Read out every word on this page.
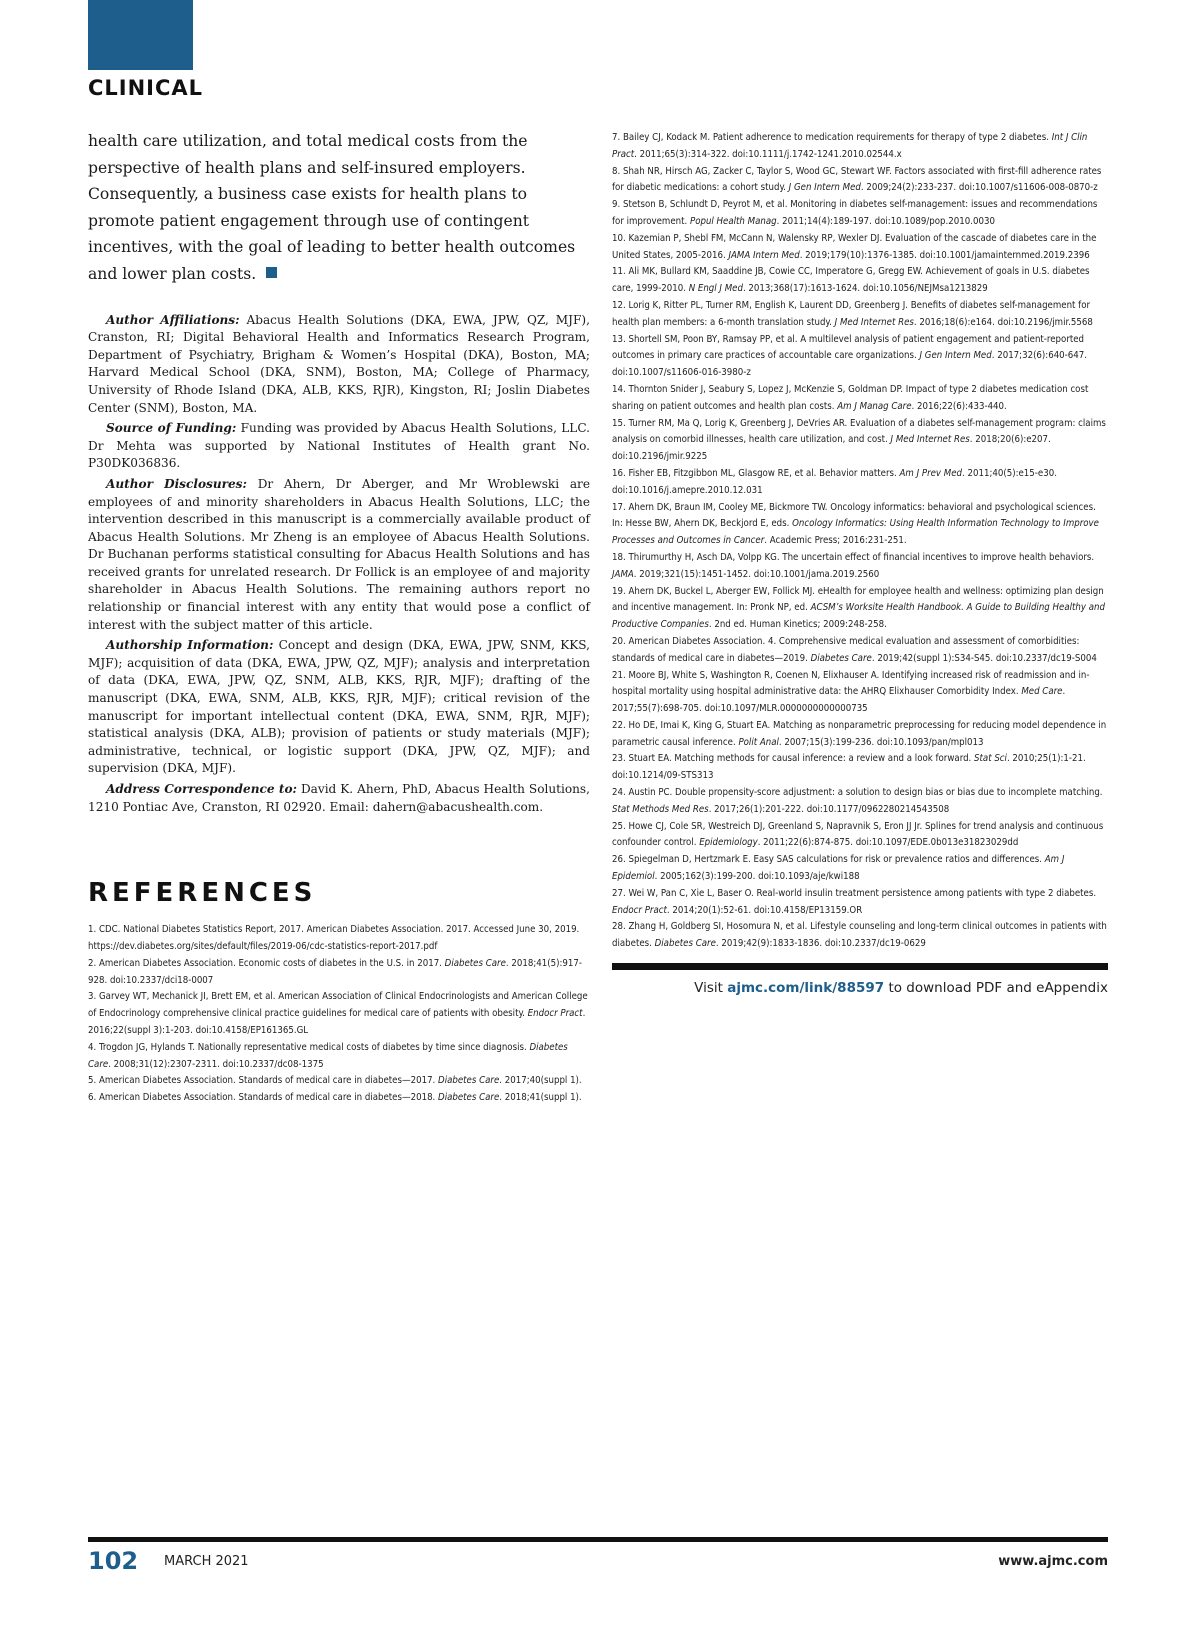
CLINICAL

health care utilization, and total medical costs from the perspective of health plans and self-insured employers. Consequently, a business case exists for health plans to promote patient engagement through use of contingent incentives, with the goal of leading to better health outcomes and lower plan costs.

Author Affiliations: Abacus Health Solutions (DKA, EWA, JPW, QZ, MJF), Cranston, RI; Digital Behavioral Health and Informatics Research Program, Department of Psychiatry, Brigham & Women’s Hospital (DKA), Boston, MA; Harvard Medical School (DKA, SNM), Boston, MA; College of Pharmacy, University of Rhode Island (DKA, ALB, KKS, RJR), Kingston, RI; Joslin Diabetes Center (SNM), Boston, MA.

Source of Funding: Funding was provided by Abacus Health Solutions, LLC. Dr Mehta was supported by National Institutes of Health grant No. P30DK036836.

Author Disclosures: Dr Ahern, Dr Aberger, and Mr Wroblewski are employees of and minority shareholders in Abacus Health Solutions, LLC; the intervention described in this manuscript is a commercially available product of Abacus Health Solutions. Mr Zheng is an employee of Abacus Health Solutions. Dr Buchanan performs statistical consulting for Abacus Health Solutions and has received grants for unrelated research. Dr Follick is an employee of and majority shareholder in Abacus Health Solutions. The remaining authors report no relationship or financial interest with any entity that would pose a conflict of interest with the subject matter of this article.

Authorship Information: Concept and design (DKA, EWA, JPW, SNM, KKS, MJF); acquisition of data (DKA, EWA, JPW, QZ, MJF); analysis and interpretation of data (DKA, EWA, JPW, QZ, SNM, ALB, KKS, RJR, MJF); drafting of the manuscript (DKA, EWA, SNM, ALB, KKS, RJR, MJF); critical revision of the manuscript for important intellectual content (DKA, EWA, SNM, RJR, MJF); statistical analysis (DKA, ALB); provision of patients or study materials (MJF); administrative, technical, or logistic support (DKA, JPW, QZ, MJF); and supervision (DKA, MJF).

Address Correspondence to: David K. Ahern, PhD, Abacus Health Solutions, 1210 Pontiac Ave, Cranston, RI 02920. Email: dahern@abacushealth.com.

REFERENCES

1. CDC. National Diabetes Statistics Report, 2017. American Diabetes Association. 2017. Accessed June 30, 2019. https://dev.diabetes.org/sites/default/files/2019-06/cdc-statistics-report-2017.pdf

2. American Diabetes Association. Economic costs of diabetes in the U.S. in 2017. Diabetes Care. 2018;41(5):917-928. doi:10.2337/dci18-0007

3. Garvey WT, Mechanick JI, Brett EM, et al. American Association of Clinical Endocrinologists and American College of Endocrinology comprehensive clinical practice guidelines for medical care of patients with obesity. Endocr Pract. 2016;22(suppl 3):1-203. doi:10.4158/EP161365.GL

4. Trogdon JG, Hylands T. Nationally representative medical costs of diabetes by time since diagnosis. Diabetes Care. 2008;31(12):2307-2311. doi:10.2337/dc08-1375

5. American Diabetes Association. Standards of medical care in diabetes—2017. Diabetes Care. 2017;40(suppl 1).

6. American Diabetes Association. Standards of medical care in diabetes—2018. Diabetes Care. 2018;41(suppl 1).

7. Bailey CJ, Kodack M. Patient adherence to medication requirements for therapy of type 2 diabetes. Int J Clin Pract. 2011;65(3):314-322. doi:10.1111/j.1742-1241.2010.02544.x

8. Shah NR, Hirsch AG, Zacker C, Taylor S, Wood GC, Stewart WF. Factors associated with first-fill adherence rates for diabetic medications: a cohort study. J Gen Intern Med. 2009;24(2):233-237. doi:10.1007/s11606-008-0870-z

9. Stetson B, Schlundt D, Peyrot M, et al. Monitoring in diabetes self-management: issues and recommendations for improvement. Popul Health Manag. 2011;14(4):189-197. doi:10.1089/pop.2010.0030

10. Kazemian P, Shebl FM, McCann N, Walensky RP, Wexler DJ. Evaluation of the cascade of diabetes care in the United States, 2005-2016. JAMA Intern Med. 2019;179(10):1376-1385. doi:10.1001/jamainternmed.2019.2396

11. Ali MK, Bullard KM, Saaddine JB, Cowie CC, Imperatore G, Gregg EW. Achievement of goals in U.S. diabetes care, 1999-2010. N Engl J Med. 2013;368(17):1613-1624. doi:10.1056/NEJMsa1213829

12. Lorig K, Ritter PL, Turner RM, English K, Laurent DD, Greenberg J. Benefits of diabetes self-management for health plan members: a 6-month translation study. J Med Internet Res. 2016;18(6):e164. doi:10.2196/jmir.5568

13. Shortell SM, Poon BY, Ramsay PP, et al. A multilevel analysis of patient engagement and patient-reported outcomes in primary care practices of accountable care organizations. J Gen Intern Med. 2017;32(6):640-647. doi:10.1007/s11606-016-3980-z

14. Thornton Snider J, Seabury S, Lopez J, McKenzie S, Goldman DP. Impact of type 2 diabetes medication cost sharing on patient outcomes and health plan costs. Am J Manag Care. 2016;22(6):433-440.

15. Turner RM, Ma Q, Lorig K, Greenberg J, DeVries AR. Evaluation of a diabetes self-management program: claims analysis on comorbid illnesses, health care utilization, and cost. J Med Internet Res. 2018;20(6):e207. doi:10.2196/jmir.9225

16. Fisher EB, Fitzgibbon ML, Glasgow RE, et al. Behavior matters. Am J Prev Med. 2011;40(5):e15-e30. doi:10.1016/j.amepre.2010.12.031

17. Ahern DK, Braun IM, Cooley ME, Bickmore TW. Oncology informatics: behavioral and psychological sciences. In: Hesse BW, Ahern DK, Beckjord E, eds. Oncology Informatics: Using Health Information Technology to Improve Processes and Outcomes in Cancer. Academic Press; 2016:231-251.

18. Thirumurthy H, Asch DA, Volpp KG. The uncertain effect of financial incentives to improve health behaviors. JAMA. 2019;321(15):1451-1452. doi:10.1001/jama.2019.2560

19. Ahern DK, Buckel L, Aberger EW, Follick MJ. eHealth for employee health and wellness: optimizing plan design and incentive management. In: Pronk NP, ed. ACSM’s Worksite Health Handbook. A Guide to Building Healthy and Productive Companies. 2nd ed. Human Kinetics; 2009:248-258.

20. American Diabetes Association. 4. Comprehensive medical evaluation and assessment of comorbidities: standards of medical care in diabetes—2019. Diabetes Care. 2019;42(suppl 1):S34-S45. doi:10.2337/dc19-S004

21. Moore BJ, White S, Washington R, Coenen N, Elixhauser A. Identifying increased risk of readmission and in-hospital mortality using hospital administrative data: the AHRQ Elixhauser Comorbidity Index. Med Care. 2017;55(7):698-705. doi:10.1097/MLR.0000000000000735

22. Ho DE, Imai K, King G, Stuart EA. Matching as nonparametric preprocessing for reducing model dependence in parametric causal inference. Polit Anal. 2007;15(3):199-236. doi:10.1093/pan/mpl013

23. Stuart EA. Matching methods for causal inference: a review and a look forward. Stat Sci. 2010;25(1):1-21. doi:10.1214/09-STS313

24. Austin PC. Double propensity-score adjustment: a solution to design bias or bias due to incomplete matching. Stat Methods Med Res. 2017;26(1):201-222. doi:10.1177/0962280214543508

25. Howe CJ, Cole SR, Westreich DJ, Greenland S, Napravnik S, Eron JJ Jr. Splines for trend analysis and continuous confounder control. Epidemiology. 2011;22(6):874-875. doi:10.1097/EDE.0b013e31823029dd

26. Spiegelman D, Hertzmark E. Easy SAS calculations for risk or prevalence ratios and differences. Am J Epidemiol. 2005;162(3):199-200. doi:10.1093/aje/kwi188

27. Wei W, Pan C, Xie L, Baser O. Real-world insulin treatment persistence among patients with type 2 diabetes. Endocr Pract. 2014;20(1):52-61. doi:10.4158/EP13159.OR

28. Zhang H, Goldberg SI, Hosomura N, et al. Lifestyle counseling and long-term clinical outcomes in patients with diabetes. Diabetes Care. 2019;42(9):1833-1836. doi:10.2337/dc19-0629

Visit ajmc.com/link/88597 to download PDF and eAppendix
102 MARCH 2021	www.ajmc.com
